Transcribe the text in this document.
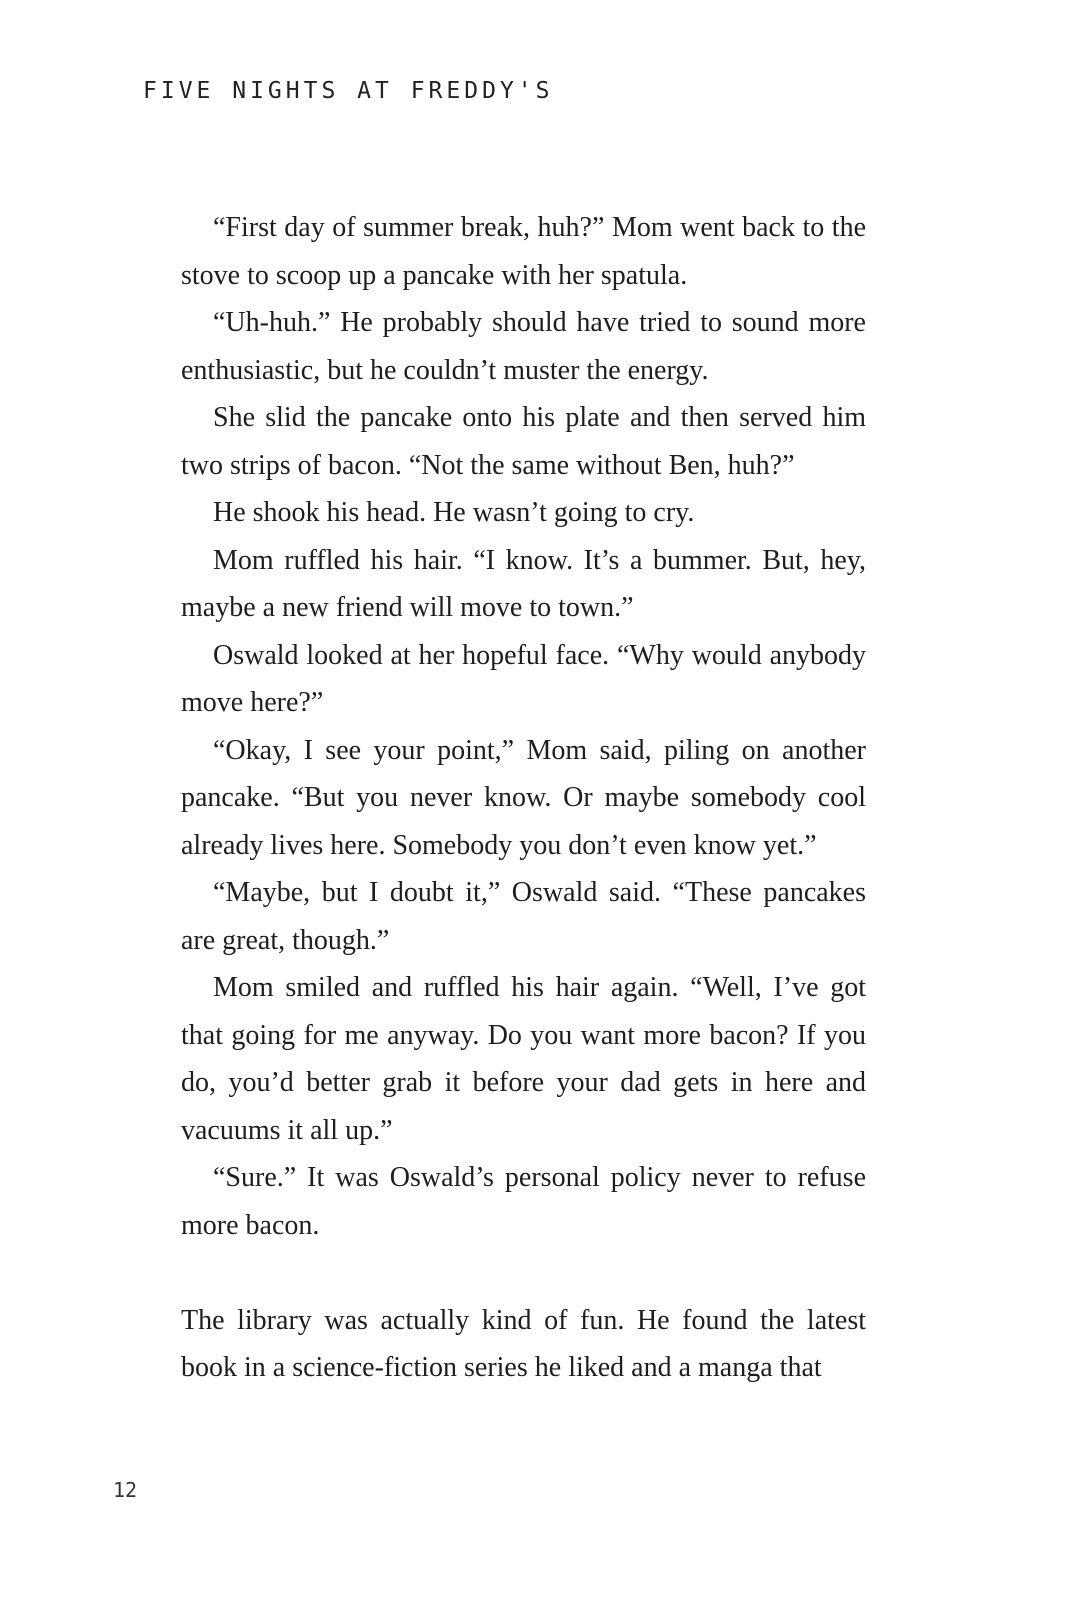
FIVE NIGHTS AT FREDDY'S

“First day of summer break, huh?” Mom went back to the stove to scoop up a pancake with her spatula.

“Uh-huh.” He probably should have tried to sound more enthusiastic, but he couldn’t muster the energy.

She slid the pancake onto his plate and then served him two strips of bacon. “Not the same without Ben, huh?”

He shook his head. He wasn’t going to cry.

Mom ruffled his hair. “I know. It’s a bummer. But, hey, maybe a new friend will move to town.”

Oswald looked at her hopeful face. “Why would anybody move here?”

“Okay, I see your point,” Mom said, piling on another pancake. “But you never know. Or maybe somebody cool already lives here. Somebody you don’t even know yet.”

“Maybe, but I doubt it,” Oswald said. “These pancakes are great, though.”

Mom smiled and ruffled his hair again. “Well, I’ve got that going for me anyway. Do you want more bacon? If you do, you’d better grab it before your dad gets in here and vacuums it all up.”

“Sure.” It was Oswald’s personal policy never to refuse more bacon.

The library was actually kind of fun. He found the latest book in a science-fiction series he liked and a manga that

12
